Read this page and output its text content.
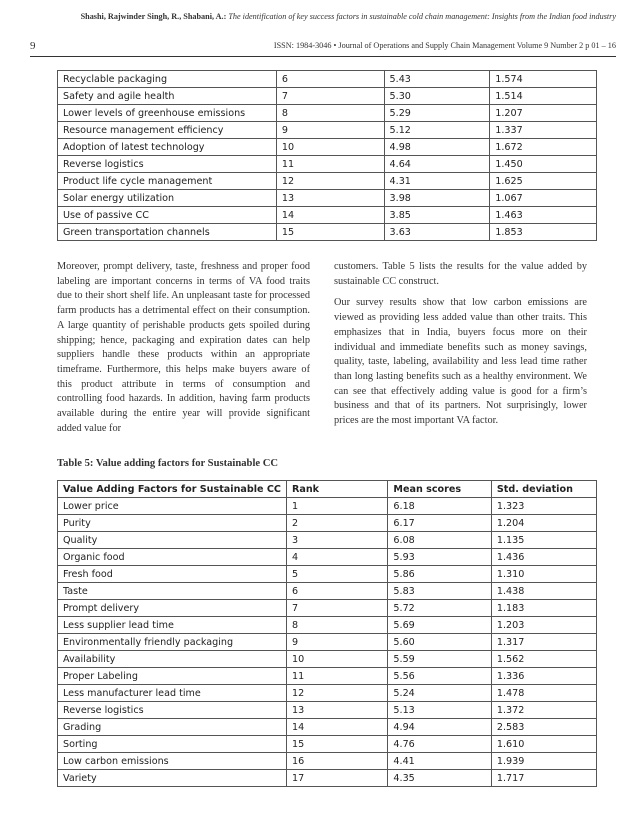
Shashi, Rajwinder Singh, R., Shabani, A.: The identification of key success factors in sustainable cold chain management: Insights from the Indian food industry
9	ISSN: 1984-3046 • Journal of Operations and Supply Chain Management Volume 9 Number 2 p 01 – 16
Recyclable packaging	6	5.43	1.574
Safety and agile health	7	5.30	1.514
Lower levels of greenhouse emissions	8	5.29	1.207
Resource management efficiency	9	5.12	1.337
Adoption of latest technology	10	4.98	1.672
Reverse logistics	11	4.64	1.450
Product life cycle management	12	4.31	1.625
Solar energy utilization	13	3.98	1.067
Use of passive CC	14	3.85	1.463
Green transportation channels	15	3.63	1.853

Moreover, prompt delivery, taste, freshness and proper food labeling are important concerns in terms of VA food traits due to their short shelf life. An unpleasant taste for processed farm products has a detrimental effect on their consumption. A large quantity of perishable products gets spoiled during shipping; hence, packaging and expiration dates can help suppliers handle these products within an appropriate timeframe. Furthermore, this helps make buyers aware of this product attribute in terms of consumption and controlling food hazards. In addition, having farm products available during the entire year will provide significant added value for

customers. Table 5 lists the results for the value added by sustainable CC construct.

Our survey results show that low carbon emissions are viewed as providing less added value than other traits. This emphasizes that in India, buyers focus more on their individual and immediate benefits such as money savings, quality, taste, labeling, availability and less lead time rather than long lasting benefits such as a healthy environment. We can see that effectively adding value is good for a firm’s business and that of its partners. Not surprisingly, lower prices are the most important VA factor.

Table 5: Value adding factors for Sustainable CC
Value Adding Factors for Sustainable CC	Rank	Mean scores	Std. deviation
Lower price	1	6.18	1.323
Purity	2	6.17	1.204
Quality	3	6.08	1.135
Organic food	4	5.93	1.436
Fresh food	5	5.86	1.310
Taste	6	5.83	1.438
Prompt delivery	7	5.72	1.183
Less supplier lead time	8	5.69	1.203
Environmentally friendly packaging	9	5.60	1.317
Availability	10	5.59	1.562
Proper Labeling	11	5.56	1.336
Less manufacturer lead time	12	5.24	1.478
Reverse logistics	13	5.13	1.372
Grading	14	4.94	2.583
Sorting	15	4.76	1.610
Low carbon emissions	16	4.41	1.939
Variety	17	4.35	1.717
